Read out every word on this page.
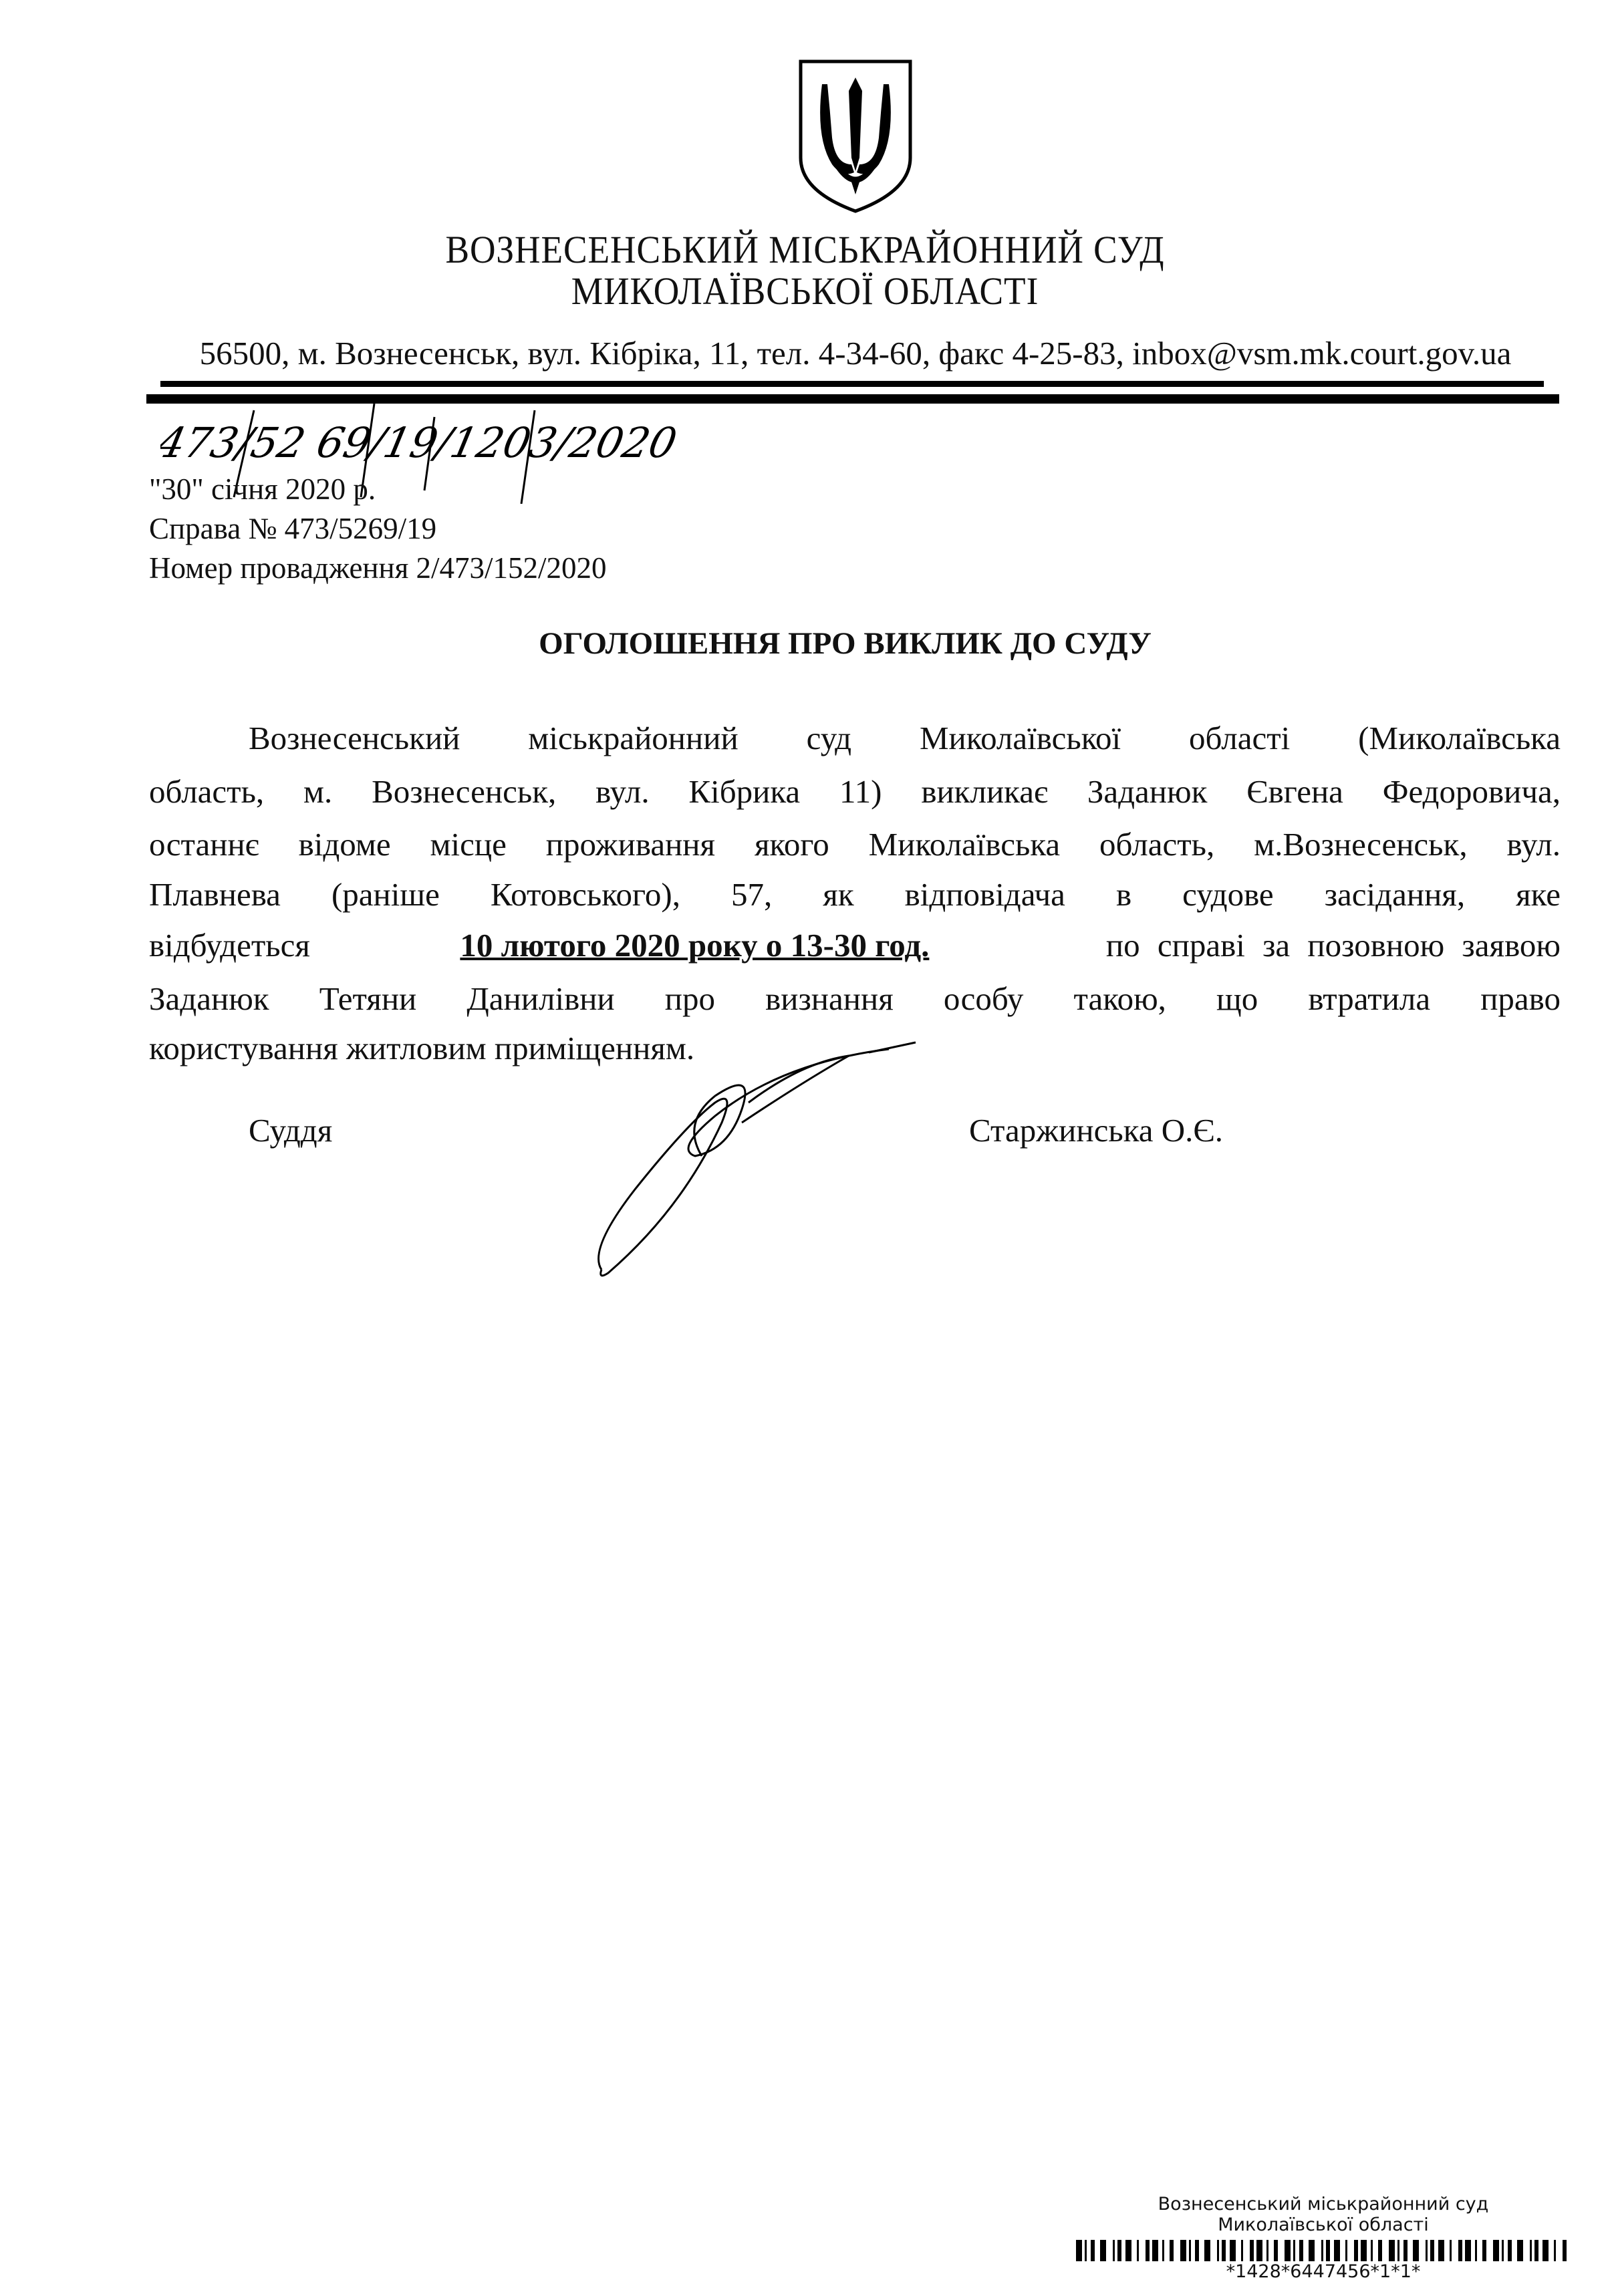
ВОЗНЕСЕНСЬКИЙ МІСЬКРАЙОННИЙ СУД
МИКОЛАЇВСЬКОЇ ОБЛАСТІ
56500, м. Вознесенськ, вул. Кібріка, 11, тел. 4-34-60, факс 4-25-83, inbox@vsm.mk.court.gov.ua
473/52 69/19/1203/2020
"30" січня 2020 р.
Справа № 473/5269/19
Номер провадження 2/473/152/2020
ОГОЛОШЕННЯ ПРО ВИКЛИК ДО СУДУ
Вознесенський міськрайонний суд Миколаївської області (Миколаївська
область, м. Вознесенськ, вул. Кібрика 11) викликає Заданюк Євгена Федоровича,
останнє відоме місце проживання якого Миколаївська область, м.Вознесенськ, вул.
Плавнева (раніше Котовського), 57, як відповідача в судове засідання, яке
відбудеться	10 лютого 2020 року о 13-30 год.	по справі за позовною заявою
Заданюк Тетяни Данилівни про визнання особу такою, що втратила право
користування житловим приміщенням.
Суддя	Старжинська О.Є.
Вознесенський міськрайонний суд
Миколаївської області
*1428*6447456*1*1*
